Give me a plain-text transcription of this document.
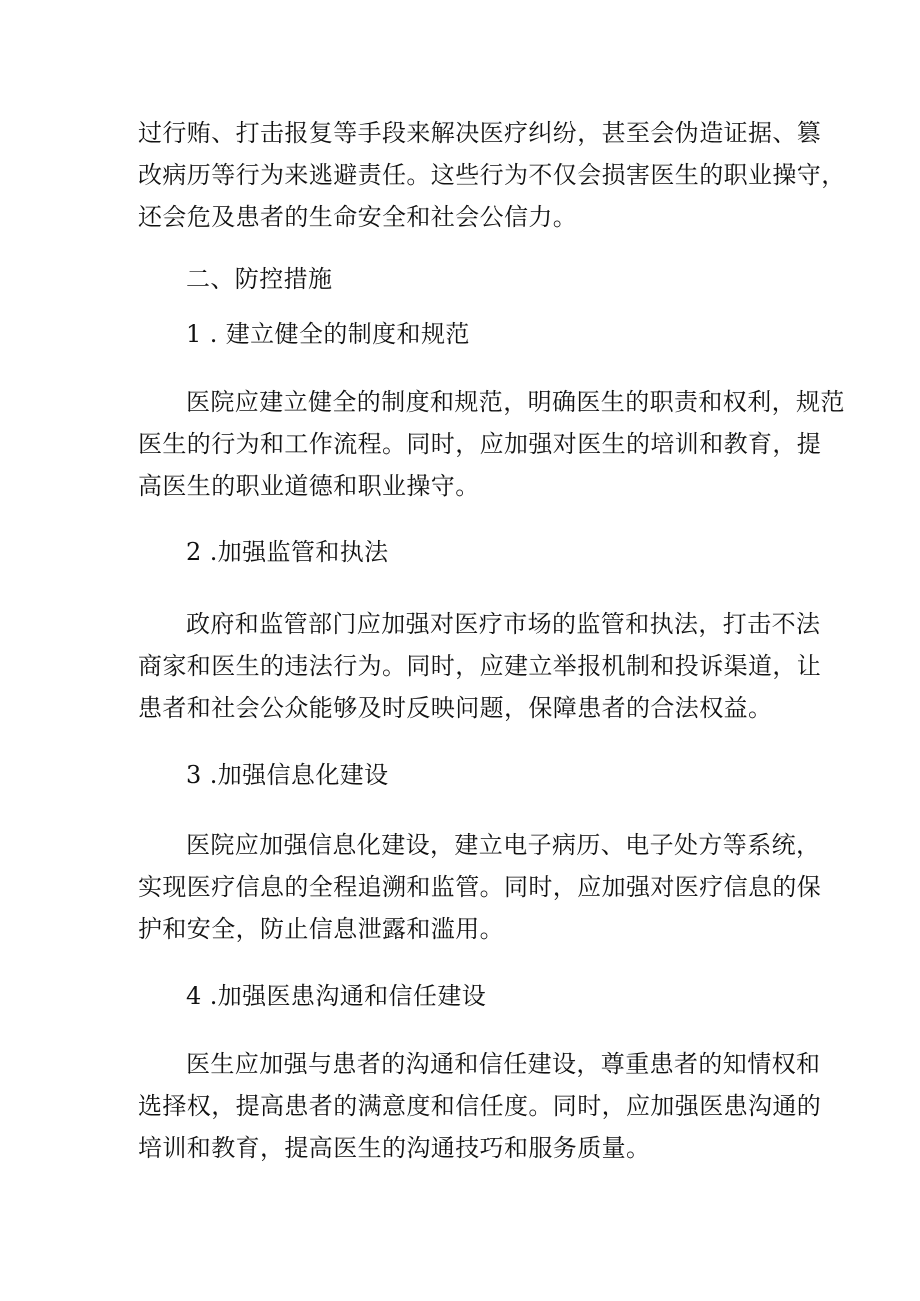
过行贿、打击报复等手段来解决医疗纠纷，甚至会伪造证据、篡
改病历等行为来逃避责任。这些行为不仅会损害医生的职业操守，
还会危及患者的生命安全和社会公信力。
二、防控措施
1 . 建立健全的制度和规范
医院应建立健全的制度和规范，明确医生的职责和权利，规范
医生的行为和工作流程。同时，应加强对医生的培训和教育，提
高医生的职业道德和职业操守。
2 .加强监管和执法
政府和监管部门应加强对医疗市场的监管和执法，打击不法
商家和医生的违法行为。同时，应建立举报机制和投诉渠道，让
患者和社会公众能够及时反映问题，保障患者的合法权益。
3 .加强信息化建设
医院应加强信息化建设，建立电子病历、电子处方等系统，
实现医疗信息的全程追溯和监管。同时，应加强对医疗信息的保
护和安全，防止信息泄露和滥用。
4 .加强医患沟通和信任建设
医生应加强与患者的沟通和信任建设，尊重患者的知情权和
选择权，提高患者的满意度和信任度。同时，应加强医患沟通的
培训和教育，提高医生的沟通技巧和服务质量。
